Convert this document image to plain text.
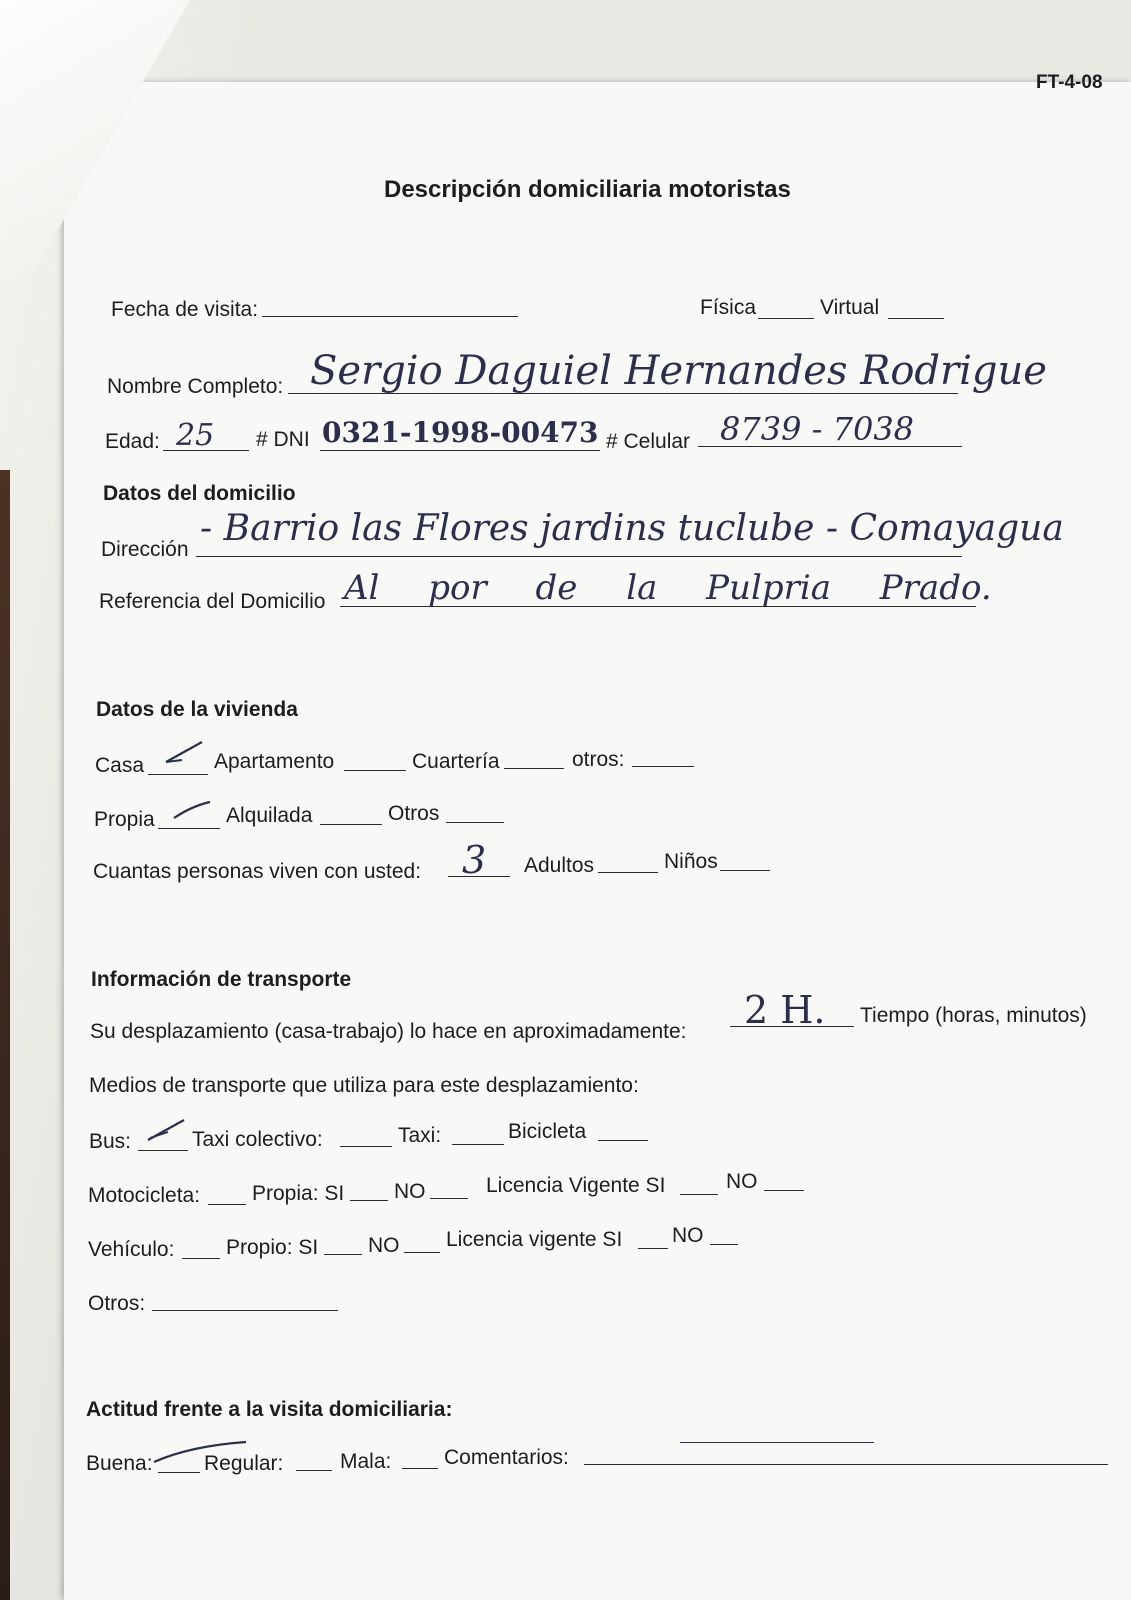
FT-4-08
Descripción domiciliaria motoristas
Fecha de visita:	Física	Virtual
Nombre Completo: Sergio Daguiel Hernandes Rodrigue
Edad: 25 # DNI 0321-1998-00473 # Celular 8739 - 7038
Datos del domicilio
Dirección
- Barrio las Flores jardins tuclube - Comayagua
Referencia del Domicilio Al por de la Pulpria Prado.
Datos de la vivienda
Casa	Apartamento	Cuartería	otros:
Propia	Alquilada	Otros
Cuantas personas viven con usted: 3 Adultos	Niños
Información de transporte
Su desplazamiento (casa-trabajo) lo hace en aproximadamente: 2 H. Tiempo (horas, minutos)
Medios de transporte que utiliza para este desplazamiento:
Bus:	Taxi colectivo:	Taxi:	Bicicleta
Motocicleta: Propia: SI NO	Licencia Vigente SI	NO
Vehículo: Propio: SI NO Licencia vigente SI NO
Otros:
Actitud frente a la visita domiciliaria:
Buena: Regular:	Mala:	Comentarios:
